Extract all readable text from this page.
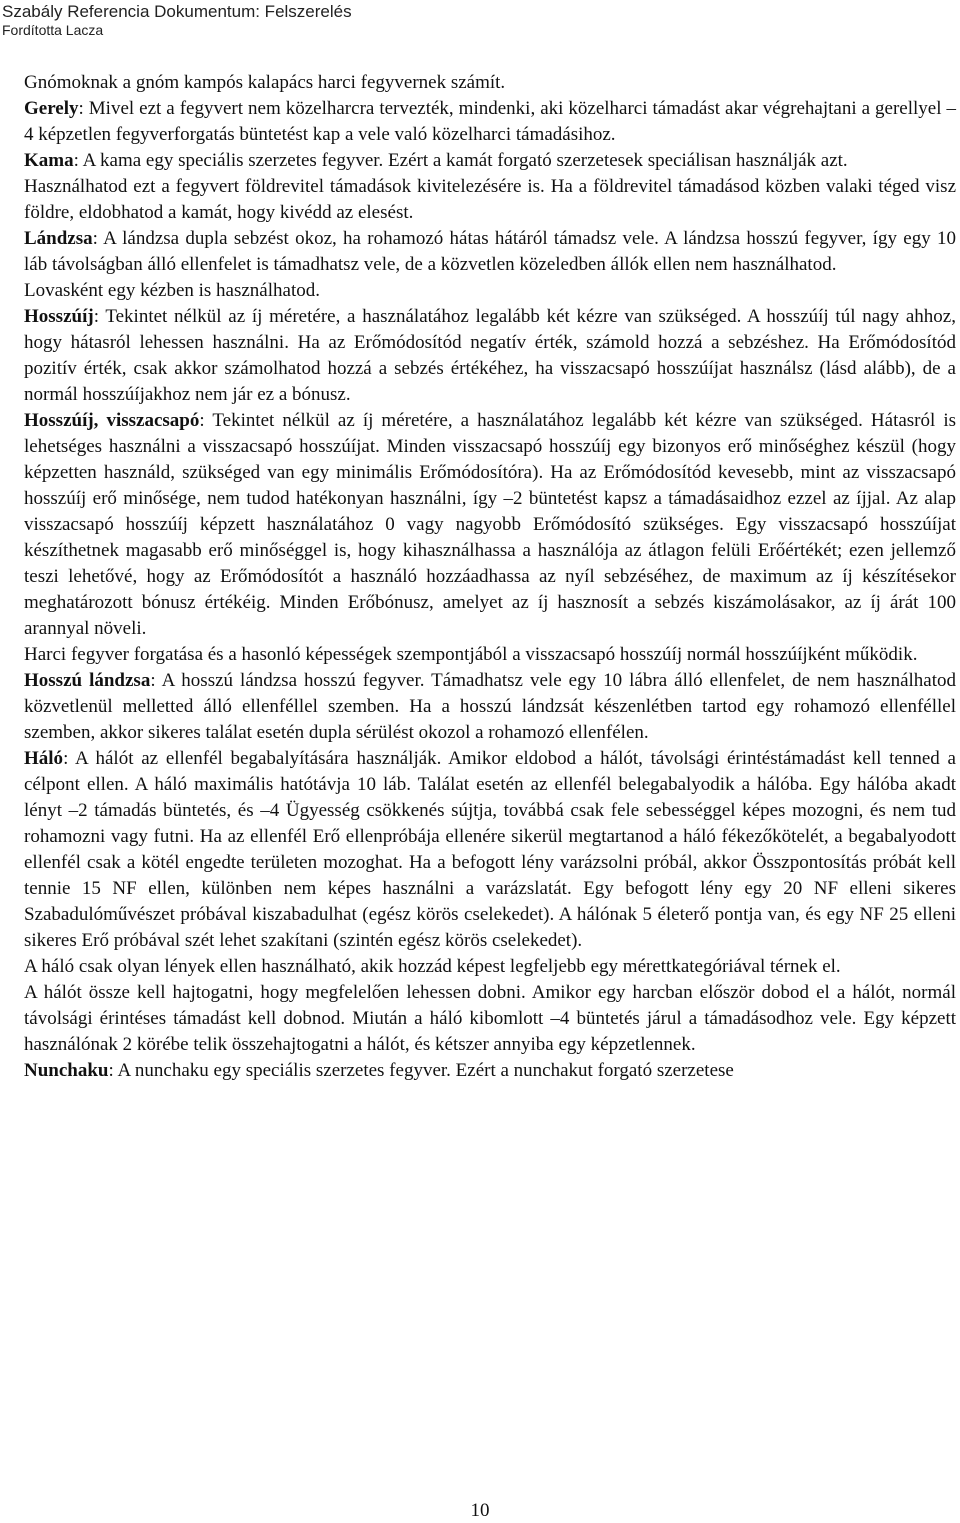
Szabály Referencia Dokumentum: Felszerelés
Fordította Lacza

Gnómoknak a gnóm kampós kalapács harci fegyvernek számít.

Gerely: Mivel ezt a fegyvert nem közelharcra tervezték, mindenki, aki közelharci támadást akar végrehajtani a gerellyel –4 képzetlen fegyverforgatás büntetést kap a vele való közelharci támadásihoz.

Kama: A kama egy speciális szerzetes fegyver. Ezért a kamát forgató szerzetesek speciálisan használják azt.

Használhatod ezt a fegyvert földrevitel támadások kivitelezésére is. Ha a földrevitel támadásod közben valaki téged visz földre, eldobhatod a kamát, hogy kivédd az elesést.

Lándzsa: A lándzsa dupla sebzést okoz, ha rohamozó hátas hátáról támadsz vele. A lándzsa hosszú fegyver, így egy 10 láb távolságban álló ellenfelet is támadhatsz vele, de a közvetlen közeledben állók ellen nem használhatod.

Lovasként egy kézben is használhatod.

Hosszúíj: Tekintet nélkül az íj méretére, a használatához legalább két kézre van szükséged. A hosszúíj túl nagy ahhoz, hogy hátasról lehessen használni. Ha az Erőmódosítód negatív érték, számold hozzá a sebzéshez. Ha Erőmódosítód pozitív érték, csak akkor számolhatod hozzá a sebzés értékéhez, ha visszacsapó hosszúíjat használsz (lásd alább), de a normál hosszúíjakhoz nem jár ez a bónusz.

Hosszúíj, visszacsapó: Tekintet nélkül az íj méretére, a használatához legalább két kézre van szükséged. Hátasról is lehetséges használni a visszacsapó hosszúíjat. Minden visszacsapó hosszúíj egy bizonyos erő minőséghez készül (hogy képzetten használd, szükséged van egy minimális Erőmódosítóra). Ha az Erőmódosítód kevesebb, mint az visszacsapó hosszúíj erő minősége, nem tudod hatékonyan használni, így –2 büntetést kapsz a támadásaidhoz ezzel az íjjal. Az alap visszacsapó hosszúíj képzett használatához 0 vagy nagyobb Erőmódosító szükséges. Egy visszacsapó hosszúíjat készíthetnek magasabb erő minőséggel is, hogy kihasználhassa a használója az átlagon felüli Erőértékét; ezen jellemző teszi lehetővé, hogy az Erőmódosítót a használó hozzáadhassa az nyíl sebzéséhez, de maximum az íj készítésekor meghatározott bónusz értékéig. Minden Erőbónusz, amelyet az íj hasznosít a sebzés kiszámolásakor, az íj árát 100 arannyal növeli.

Harci fegyver forgatása és a hasonló képességek szempontjából a visszacsapó hosszúíj normál hosszúíjként működik.

Hosszú lándzsa: A hosszú lándzsa hosszú fegyver. Támadhatsz vele egy 10 lábra álló ellenfelet, de nem használhatod közvetlenül melletted álló ellenféllel szemben. Ha a hosszú lándzsát készenlétben tartod egy rohamozó ellenféllel szemben, akkor sikeres találat esetén dupla sérülést okozol a rohamozó ellenfélen.

Háló: A hálót az ellenfél begabalyítására használják. Amikor eldobod a hálót, távolsági érintéstámadást kell tenned a célpont ellen. A háló maximális hatótávja 10 láb. Találat esetén az ellenfél belegabalyodik a hálóba. Egy hálóba akadt lényt –2 támadás büntetés, és –4 Ügyesség csökkenés sújtja, továbbá csak fele sebességgel képes mozogni, és nem tud rohamozni vagy futni. Ha az ellenfél Erő ellenpróbája ellenére sikerül megtartanod a háló fékezőkötelét, a begabalyodott ellenfél csak a kötél engedte területen mozoghat. Ha a befogott lény varázsolni próbál, akkor Összpontosítás próbát kell tennie 15 NF ellen, különben nem képes használni a varázslatát. Egy befogott lény egy 20 NF elleni sikeres Szabadulóművészet próbával kiszabadulhat (egész körös cselekedet). A hálónak 5 életerő pontja van, és egy NF 25 elleni sikeres Erő próbával szét lehet szakítani (szintén egész körös cselekedet).

A háló csak olyan lények ellen használható, akik hozzád képest legfeljebb egy mérettkategóriával térnek el.

A hálót össze kell hajtogatni, hogy megfelelően lehessen dobni. Amikor egy harcban először dobod el a hálót, normál távolsági érintéses támadást kell dobnod. Miután a háló kibomlott –4 büntetés járul a támadásodhoz vele. Egy képzett használónak 2 körébe telik összehajtogatni a hálót, és kétszer annyiba egy képzetlennek.

Nunchaku: A nunchaku egy speciális szerzetes fegyver. Ezért a nunchakut forgató szerzetese

10
